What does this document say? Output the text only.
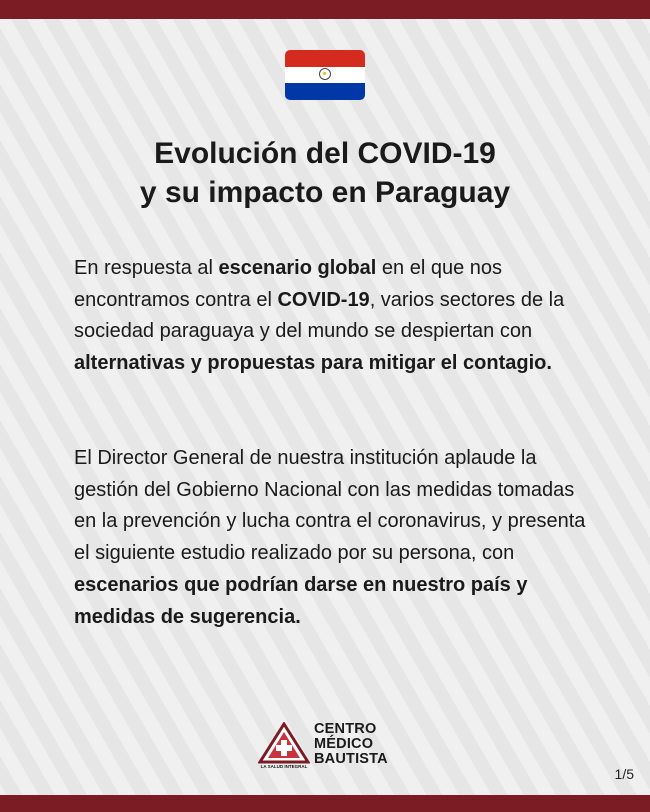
Evolución del COVID-19
y su impacto en Paraguay

En respuesta al escenario global en el que nos encontramos contra el COVID-19, varios sectores de la sociedad paraguaya y del mundo se despiertan con alternativas y propuestas para mitigar el contagio.

El Director General de nuestra institución aplaude la gestión del Gobierno Nacional con las medidas tomadas en la prevención y lucha contra el coronavirus, y presenta el siguiente estudio realizado por su persona, con escenarios que podrían darse en nuestro país y medidas de sugerencia.

LA SALUD INTEGRAL
CENTRO
MÉDICO
BAUTISTA
1/5
